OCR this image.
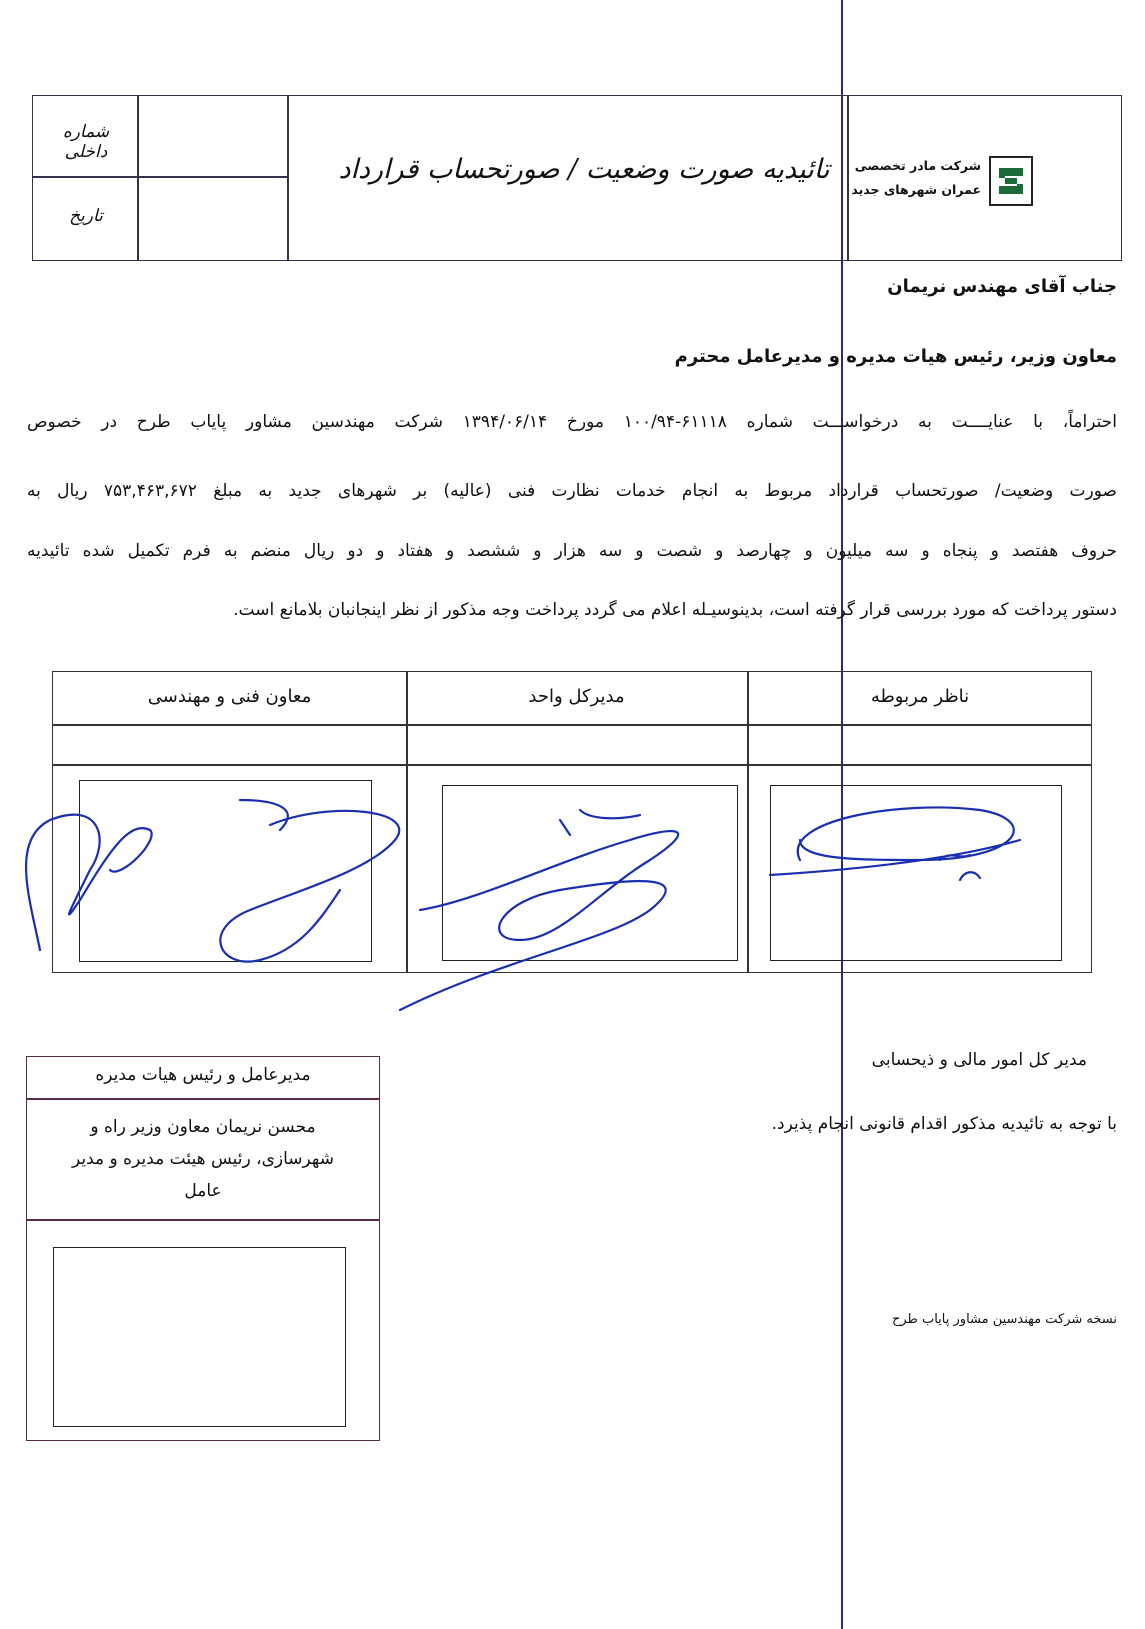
شماره داخلی
تاریخ
تائیدیه صورت وضعیت / صورتحساب قرارداد	شرکت مادر تخصصی
عمران شهرهای جدید
جناب آقای مهندس نریمان
معاون وزیر، رئیس هیات مدیره و مدیرعامل محترم
احتراماً، با عنایــــت به درخواســـت شماره ۶۱۱۱۸-۱۰۰/۹۴ مورخ ۱۳۹۴/۰۶/۱۴ شرکت مهندسین مشاور پایاب طرح در خصوص
صورت وضعیت/ صورتحساب قرارداد مربوط به انجام خدمات نظارت فنی (عالیه) بر شهرهای جدید به مبلغ ۷۵۳,۴۶۳,۶۷۲ ریال به
حروف هفتصد و پنجاه و سه میلیون و چهارصد و شصت و سه هزار و ششصد و هفتاد و دو ریال منضم به فرم تکمیل شده تائیدیه
دستور پرداخت که مورد بررسی قرار گرفته است، بدینوسیـله اعلام می گردد پرداخت وجه مذکور از نظر اینجانبان بلامانع است.
ناظر مربوطه
مدیرکل واحد
معاون فنی و مهندسی
مدیر کل امور مالی و ذیحسابی
با توجه به تائیدیه مذکور اقدام قانونی انجام پذیرد.
مدیرعامل و رئیس هیات مدیره
محسن نریمان معاون وزیر راه و
شهرسازی، رئیس هیئت مدیره و مدیر
عامل
نسخه شرکت مهندسین مشاور پایاب طرح
